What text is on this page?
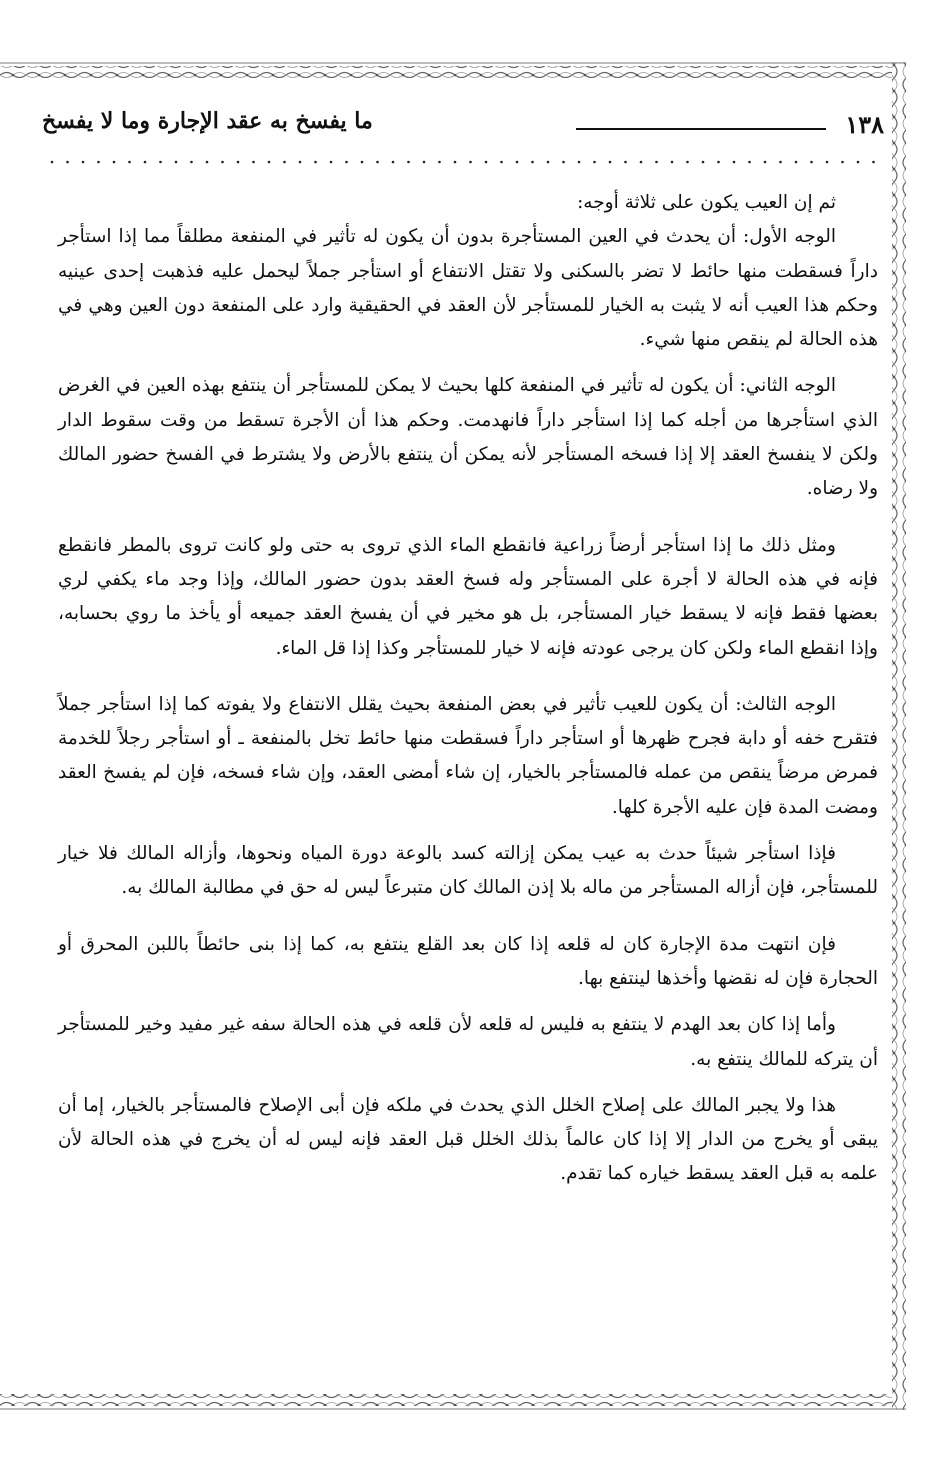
١٣٨
ما يفسخ به عقد الإجارة وما لا يفسخ

ثم إن العيب يكون على ثلاثة أوجه:

الوجه الأول: أن يحدث في العين المستأجرة بدون أن يكون له تأثير في المنفعة مطلقاً مما إذا استأجر داراً فسقطت منها حائط لا تضر بالسكنى ولا تقتل الانتفاع أو استأجر جملاً ليحمل عليه فذهبت إحدى عينيه وحكم هذا العيب أنه لا يثبت به الخيار للمستأجر لأن العقد في الحقيقية وارد على المنفعة دون العين وهي في هذه الحالة لم ينقص منها شيء.

الوجه الثاني: أن يكون له تأثير في المنفعة كلها بحيث لا يمكن للمستأجر أن ينتفع بهذه العين في الغرض الذي استأجرها من أجله كما إذا استأجر داراً فانهدمت. وحكم هذا أن الأجرة تسقط من وقت سقوط الدار ولكن لا ينفسخ العقد إلا إذا فسخه المستأجر لأنه يمكن أن ينتفع بالأرض ولا يشترط في الفسخ حضور المالك ولا رضاه.

ومثل ذلك ما إذا استأجر أرضاً زراعية فانقطع الماء الذي تروى به حتى ولو كانت تروى بالمطر فانقطع فإنه في هذه الحالة لا أجرة على المستأجر وله فسخ العقد بدون حضور المالك، وإذا وجد ماء يكفي لري بعضها فقط فإنه لا يسقط خيار المستأجر، بل هو مخير في أن يفسخ العقد جميعه أو يأخذ ما روي بحسابه، وإذا انقطع الماء ولكن كان يرجى عودته فإنه لا خيار للمستأجر وكذا إذا قل الماء.

الوجه الثالث: أن يكون للعيب تأثير في بعض المنفعة بحيث يقلل الانتفاع ولا يفوته كما إذا استأجر جملاً فتقرح خفه أو دابة فجرح ظهرها أو استأجر داراً فسقطت منها حائط تخل بالمنفعة ـ أو استأجر رجلاً للخدمة فمرض مرضاً ينقص من عمله فالمستأجر بالخيار، إن شاء أمضى العقد، وإن شاء فسخه، فإن لم يفسخ العقد ومضت المدة فإن عليه الأجرة كلها.

فإذا استأجر شيئاً حدث به عيب يمكن إزالته كسد بالوعة دورة المياه ونحوها، وأزاله المالك فلا خيار للمستأجر، فإن أزاله المستأجر من ماله بلا إذن المالك كان متبرعاً ليس له حق في مطالبة المالك به.

فإن انتهت مدة الإجارة كان له قلعه إذا كان بعد القلع ينتفع به، كما إذا بنى حائطاً باللبن المحرق أو الحجارة فإن له نقضها وأخذها لينتفع بها.

وأما إذا كان بعد الهدم لا ينتفع به فليس له قلعه لأن قلعه في هذه الحالة سفه غير مفيد وخير للمستأجر أن يتركه للمالك ينتفع به.

هذا ولا يجبر المالك على إصلاح الخلل الذي يحدث في ملكه فإن أبى الإصلاح فالمستأجر بالخيار، إما أن يبقى أو يخرج من الدار إلا إذا كان عالماً بذلك الخلل قبل العقد فإنه ليس له أن يخرج في هذه الحالة لأن علمه به قبل العقد يسقط خياره كما تقدم.
